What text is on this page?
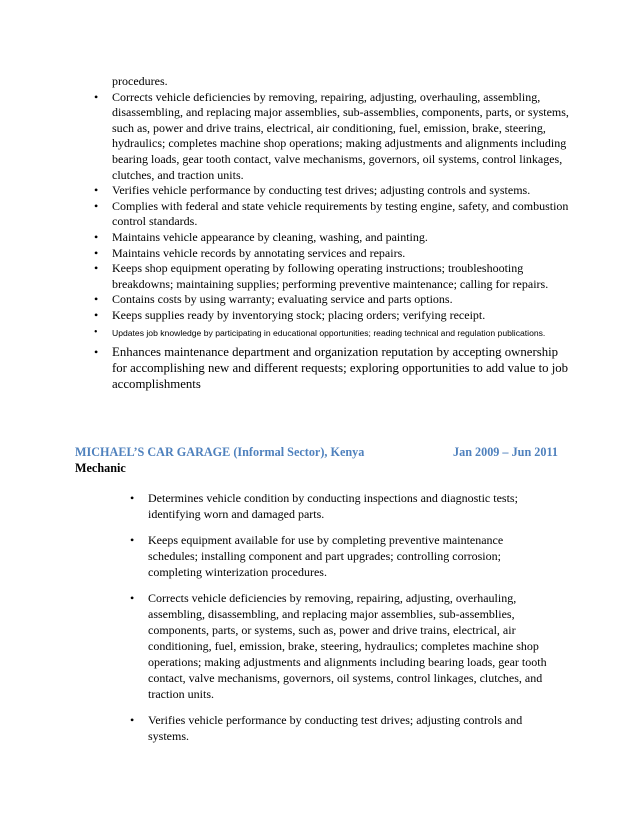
procedures.
• Corrects vehicle deficiencies by removing, repairing, adjusting, overhauling, assembling, disassembling, and replacing major assemblies, sub-assemblies, components, parts, or systems, such as, power and drive trains, electrical, air conditioning, fuel, emission, brake, steering, hydraulics; completes machine shop operations; making adjustments and alignments including bearing loads, gear tooth contact, valve mechanisms, governors, oil systems, control linkages, clutches, and traction units.
• Verifies vehicle performance by conducting test drives; adjusting controls and systems.
• Complies with federal and state vehicle requirements by testing engine, safety, and combustion control standards.
• Maintains vehicle appearance by cleaning, washing, and painting.
• Maintains vehicle records by annotating services and repairs.
• Keeps shop equipment operating by following operating instructions; troubleshooting breakdowns; maintaining supplies; performing preventive maintenance; calling for repairs.
• Contains costs by using warranty; evaluating service and parts options.
• Keeps supplies ready by inventorying stock; placing orders; verifying receipt.
• Updates job knowledge by participating in educational opportunities; reading technical and regulation publications.
• Enhances maintenance department and organization reputation by accepting ownership for accomplishing new and different requests; exploring opportunities to add value to job accomplishments
MICHAEL’S CAR GARAGE (Informal Sector), Kenya	Jan 2009 – Jun 2011
Mechanic
• Determines vehicle condition by conducting inspections and diagnostic tests; identifying worn and damaged parts.
• Keeps equipment available for use by completing preventive maintenance schedules; installing component and part upgrades; controlling corrosion; completing winterization procedures.
• Corrects vehicle deficiencies by removing, repairing, adjusting, overhauling, assembling, disassembling, and replacing major assemblies, sub-assemblies, components, parts, or systems, such as, power and drive trains, electrical, air conditioning, fuel, emission, brake, steering, hydraulics; completes machine shop operations; making adjustments and alignments including bearing loads, gear tooth contact, valve mechanisms, governors, oil systems, control linkages, clutches, and traction units.
• Verifies vehicle performance by conducting test drives; adjusting controls and systems.
